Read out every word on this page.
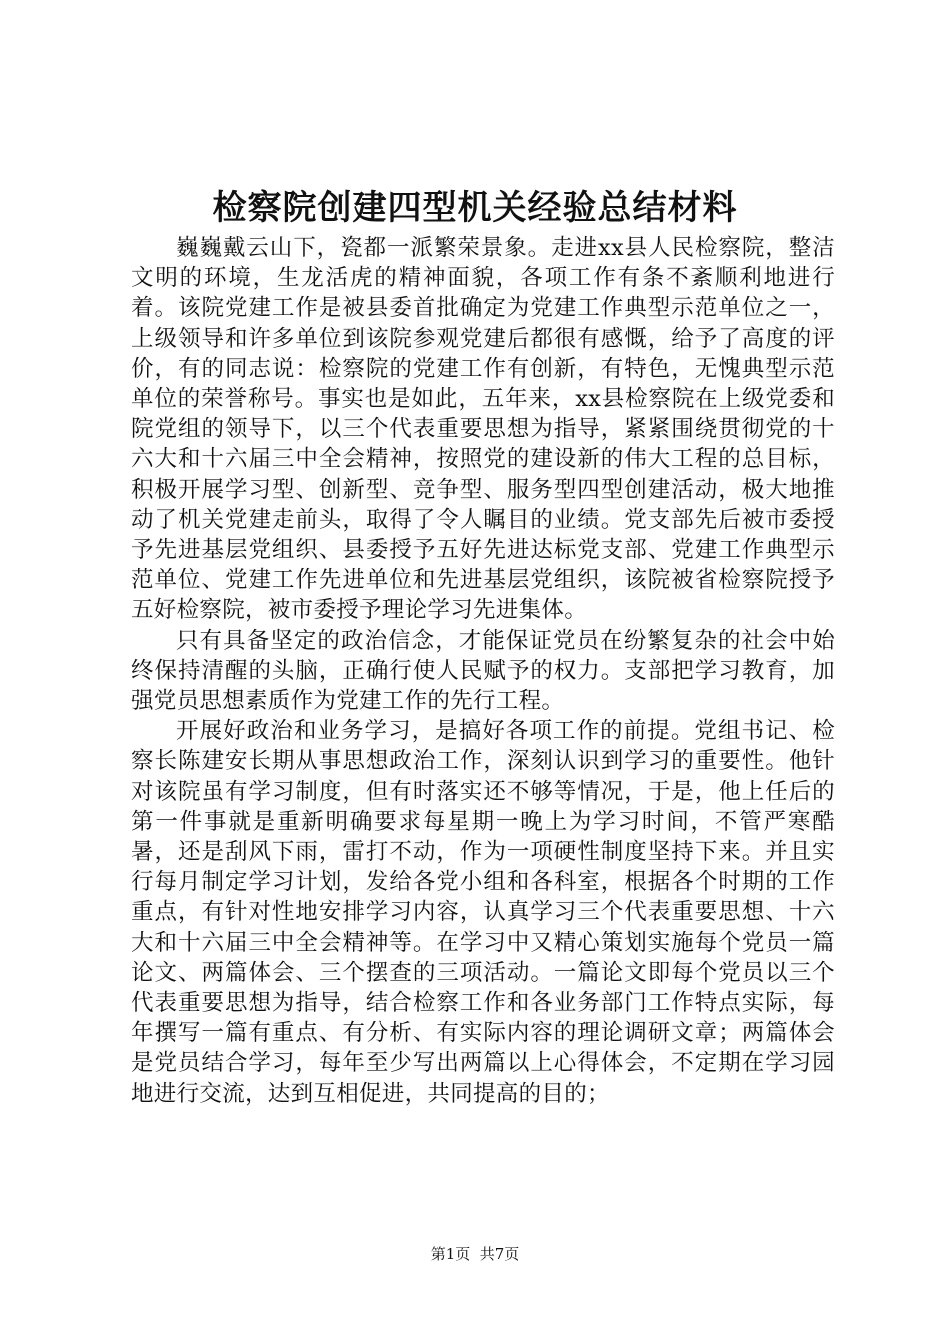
检察院创建四型机关经验总结材料

巍巍戴云山下，瓷都一派繁荣景象。走进xx县人民检察院，整洁文明的环境，生龙活虎的精神面貌，各项工作有条不紊顺利地进行着。该院党建工作是被县委首批确定为党建工作典型示范单位之一，上级领导和许多单位到该院参观党建后都很有感慨，给予了高度的评价，有的同志说：检察院的党建工作有创新，有特色，无愧典型示范单位的荣誉称号。事实也是如此，五年来，xx县检察院在上级党委和院党组的领导下，以三个代表重要思想为指导，紧紧围绕贯彻党的十六大和十六届三中全会精神，按照党的建设新的伟大工程的总目标，积极开展学习型、创新型、竞争型、服务型四型创建活动，极大地推动了机关党建走前头，取得了令人瞩目的业绩。党支部先后被市委授予先进基层党组织、县委授予五好先进达标党支部、党建工作典型示范单位、党建工作先进单位和先进基层党组织，该院被省检察院授予五好检察院，被市委授予理论学习先进集体。

只有具备坚定的政治信念，才能保证党员在纷繁复杂的社会中始终保持清醒的头脑，正确行使人民赋予的权力。支部把学习教育，加强党员思想素质作为党建工作的先行工程。

开展好政治和业务学习，是搞好各项工作的前提。党组书记、检察长陈建安长期从事思想政治工作，深刻认识到学习的重要性。他针对该院虽有学习制度，但有时落实还不够等情况，于是，他上任后的第一件事就是重新明确要求每星期一晚上为学习时间，不管严寒酷暑，还是刮风下雨，雷打不动，作为一项硬性制度坚持下来。并且实行每月制定学习计划，发给各党小组和各科室，根据各个时期的工作重点，有针对性地安排学习内容，认真学习三个代表重要思想、十六大和十六届三中全会精神等。在学习中又精心策划实施每个党员一篇论文、两篇体会、三个摆查的三项活动。一篇论文即每个党员以三个代表重要思想为指导，结合检察工作和各业务部门工作特点实际，每年撰写一篇有重点、有分析、有实际内容的理论调研文章；两篇体会是党员结合学习，每年至少写出两篇以上心得体会，不定期在学习园地进行交流，达到互相促进，共同提高的目的；

第1页  共7页
